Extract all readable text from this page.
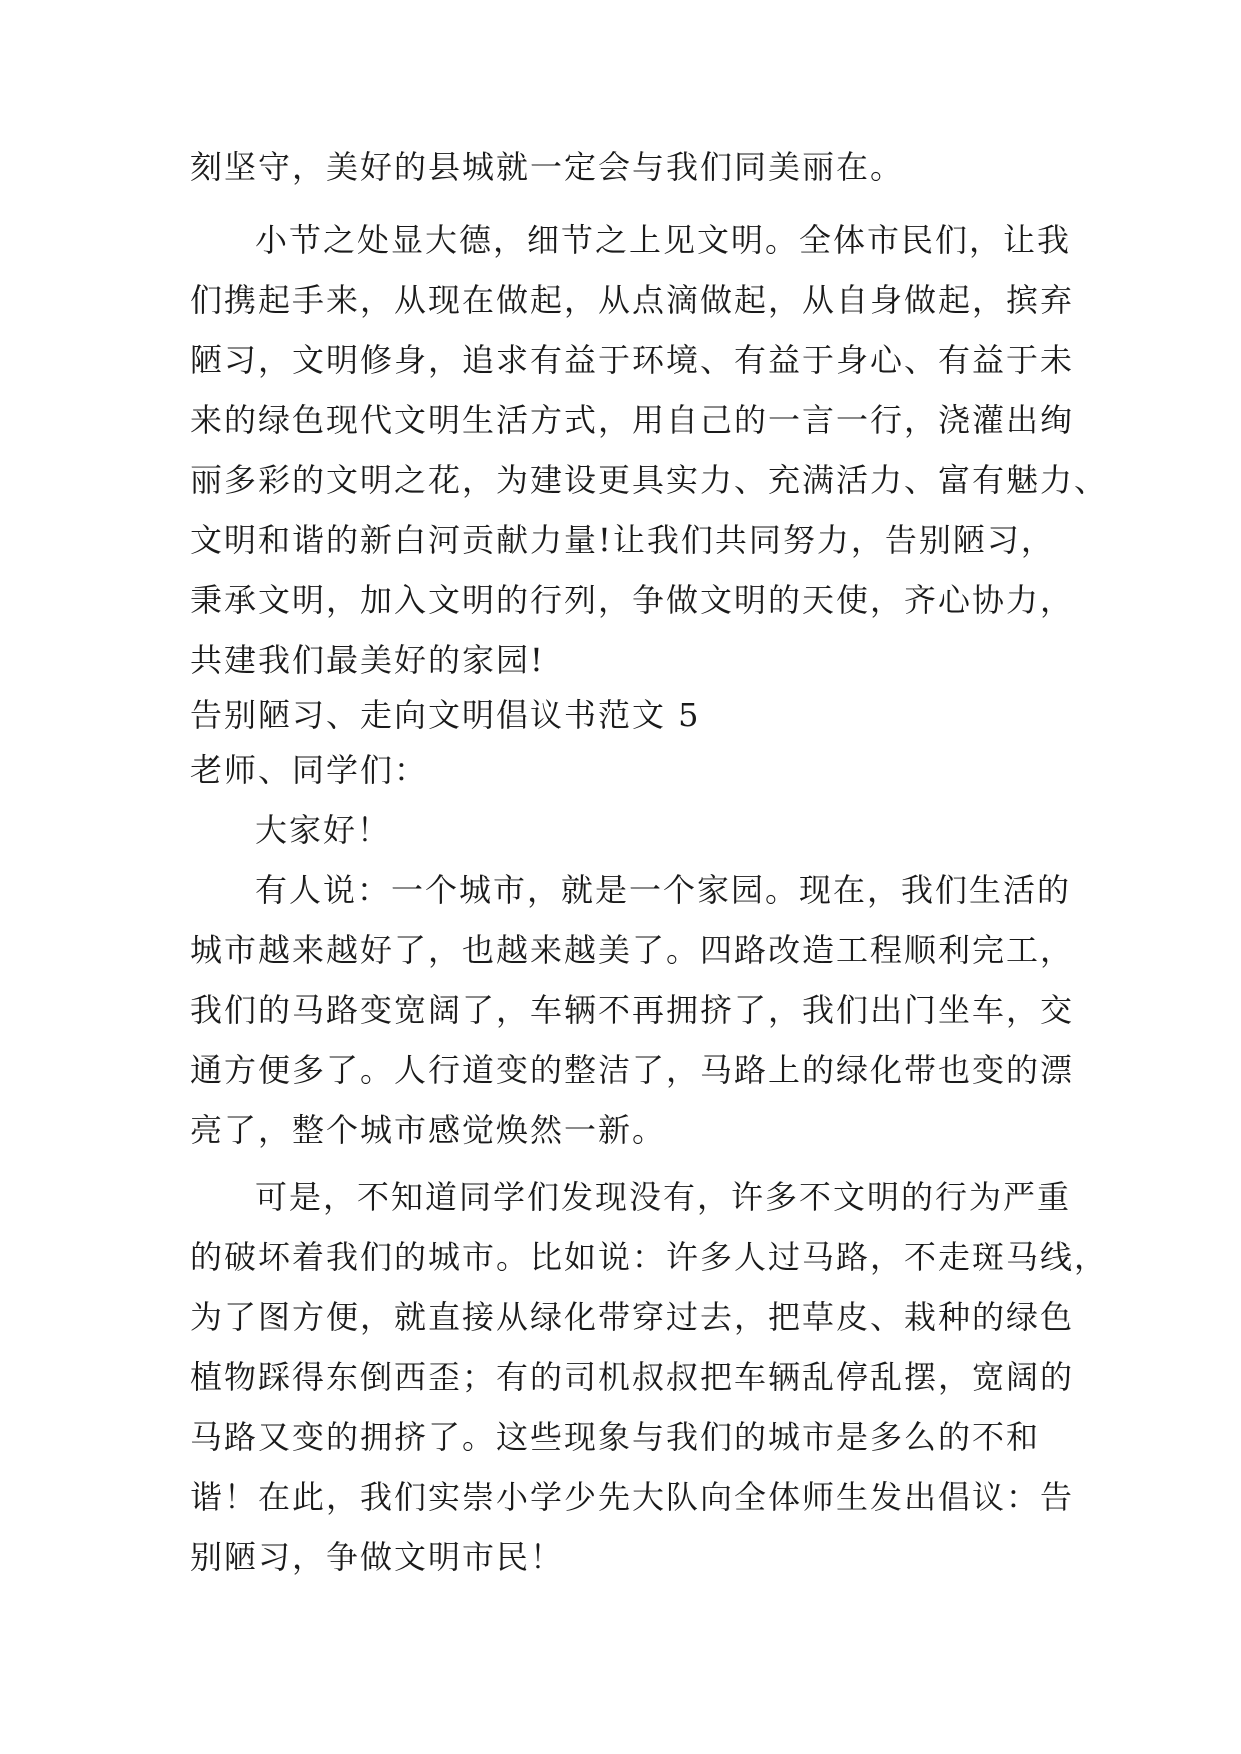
刻坚守，美好的县城就一定会与我们同美丽在。
小节之处显大德，细节之上见文明。全体市民们，让我
们携起手来，从现在做起，从点滴做起，从自身做起，摈弃
陋习，文明修身，追求有益于环境、有益于身心、有益于未
来的绿色现代文明生活方式，用自己的一言一行，浇灌出绚
丽多彩的文明之花，为建设更具实力、充满活力、富有魅力、
文明和谐的新白河贡献力量!让我们共同努力，告别陋习，
秉承文明，加入文明的行列，争做文明的天使，齐心协力，
共建我们最美好的家园!
告别陋习、走向文明倡议书范文 5
老师、同学们：
大家好！
有人说：一个城市，就是一个家园。现在，我们生活的
城市越来越好了，也越来越美了。四路改造工程顺利完工，
我们的马路变宽阔了，车辆不再拥挤了，我们出门坐车，交
通方便多了。人行道变的整洁了，马路上的绿化带也变的漂
亮了，整个城市感觉焕然一新。
可是，不知道同学们发现没有，许多不文明的行为严重
的破坏着我们的城市。比如说：许多人过马路，不走斑马线，
为了图方便，就直接从绿化带穿过去，把草皮、栽种的绿色
植物踩得东倒西歪；有的司机叔叔把车辆乱停乱摆，宽阔的
马路又变的拥挤了。这些现象与我们的城市是多么的不和
谐！在此，我们实崇小学少先大队向全体师生发出倡议：告
别陋习，争做文明市民！
